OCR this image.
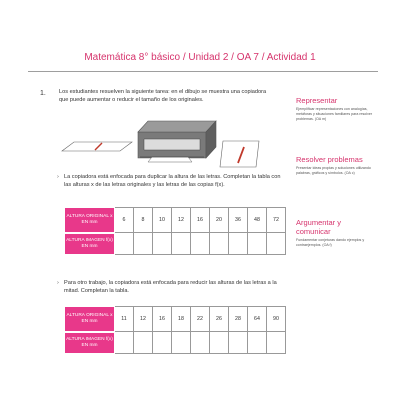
Matemática 8° básico / Unidad 2 / OA 7 / Actividad 1
1. Los estudiantes resuelven la siguiente tarea: en el dibujo se muestra una copiadora que puede aumentar o reducir el tamaño de los originales.
› La copiadora está enfocada para duplicar la altura de las letras. Completan la tabla con las alturas x de las letras originales y las letras de las copias f(x).
ALTURA ORIGINAL x EN mm	6	8	10	12	16	20	36	48	72
ALTURA IMAGEN f(x) EN mm									
› Para otro trabajo, la copiadora está enfocada para reducir las alturas de las letras a la mitad. Completan la tabla.
ALTURA ORIGINAL x EN mm	11	12	16	18	22	26	28	64	90
ALTURA IMAGEN f(x) EN mm									
Representar
Ejemplificar representaciones con analogías, metáforas y situaciones familiares para resolver problemas. (OA m)
Resolver problemas
Presentar ideas propias y soluciones utilizando palabras, gráficos y símbolos. (OA c)
Argumentar y comunicar
Fundamentar conjeturas dando ejemplos y contraejemplos. (OA f)
